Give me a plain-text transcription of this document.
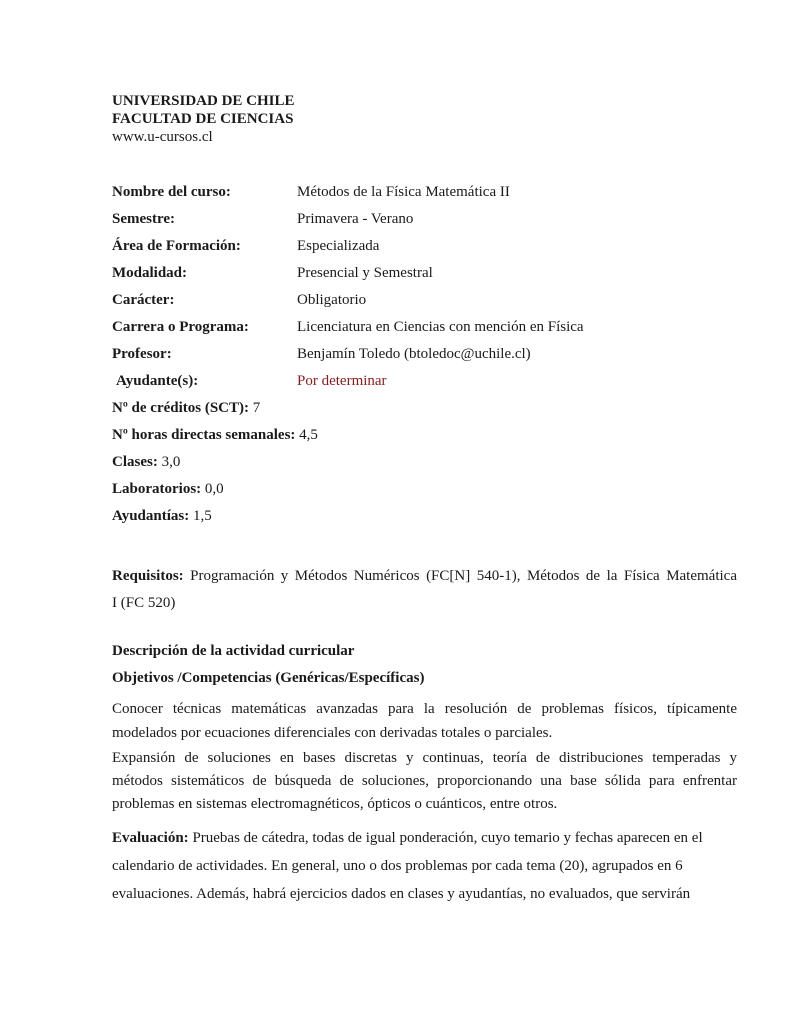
UNIVERSIDAD DE CHILE
FACULTAD DE CIENCIAS
www.u-cursos.cl
Nombre del curso:	Métodos de la Física Matemática II
Semestre:	Primavera - Verano
Área de Formación:	Especializada
Modalidad:	Presencial y Semestral
Carácter:	Obligatorio
Carrera o Programa:	Licenciatura en Ciencias con mención en Física
Profesor:	Benjamín Toledo (btoledoc@uchile.cl)
Ayudante(s):	Por determinar
Nº de créditos (SCT): 7
Nº horas directas semanales: 4,5
Clases: 3,0
Laboratorios: 0,0
Ayudantías: 1,5
Requisitos: Programación y Métodos Numéricos (FC[N] 540-1), Métodos de la Física Matemática
I (FC 520)
Descripción de la actividad curricular
Objetivos /Competencias (Genéricas/Específicas)
Conocer técnicas matemáticas avanzadas para la resolución de problemas físicos, típicamente
modelados por ecuaciones diferenciales con derivadas totales o parciales.
Expansión de soluciones en bases discretas y continuas, teoría de distribuciones temperadas y
métodos sistemáticos de búsqueda de soluciones, proporcionando una base sólida para enfrentar
problemas en sistemas electromagnéticos, ópticos o cuánticos, entre otros.
Evaluación: Pruebas de cátedra, todas de igual ponderación, cuyo temario y fechas aparecen en el
calendario de actividades. En general, uno o dos problemas por cada tema (20), agrupados en 6
evaluaciones. Además, habrá ejercicios dados en clases y ayudantías, no evaluados, que servirán
